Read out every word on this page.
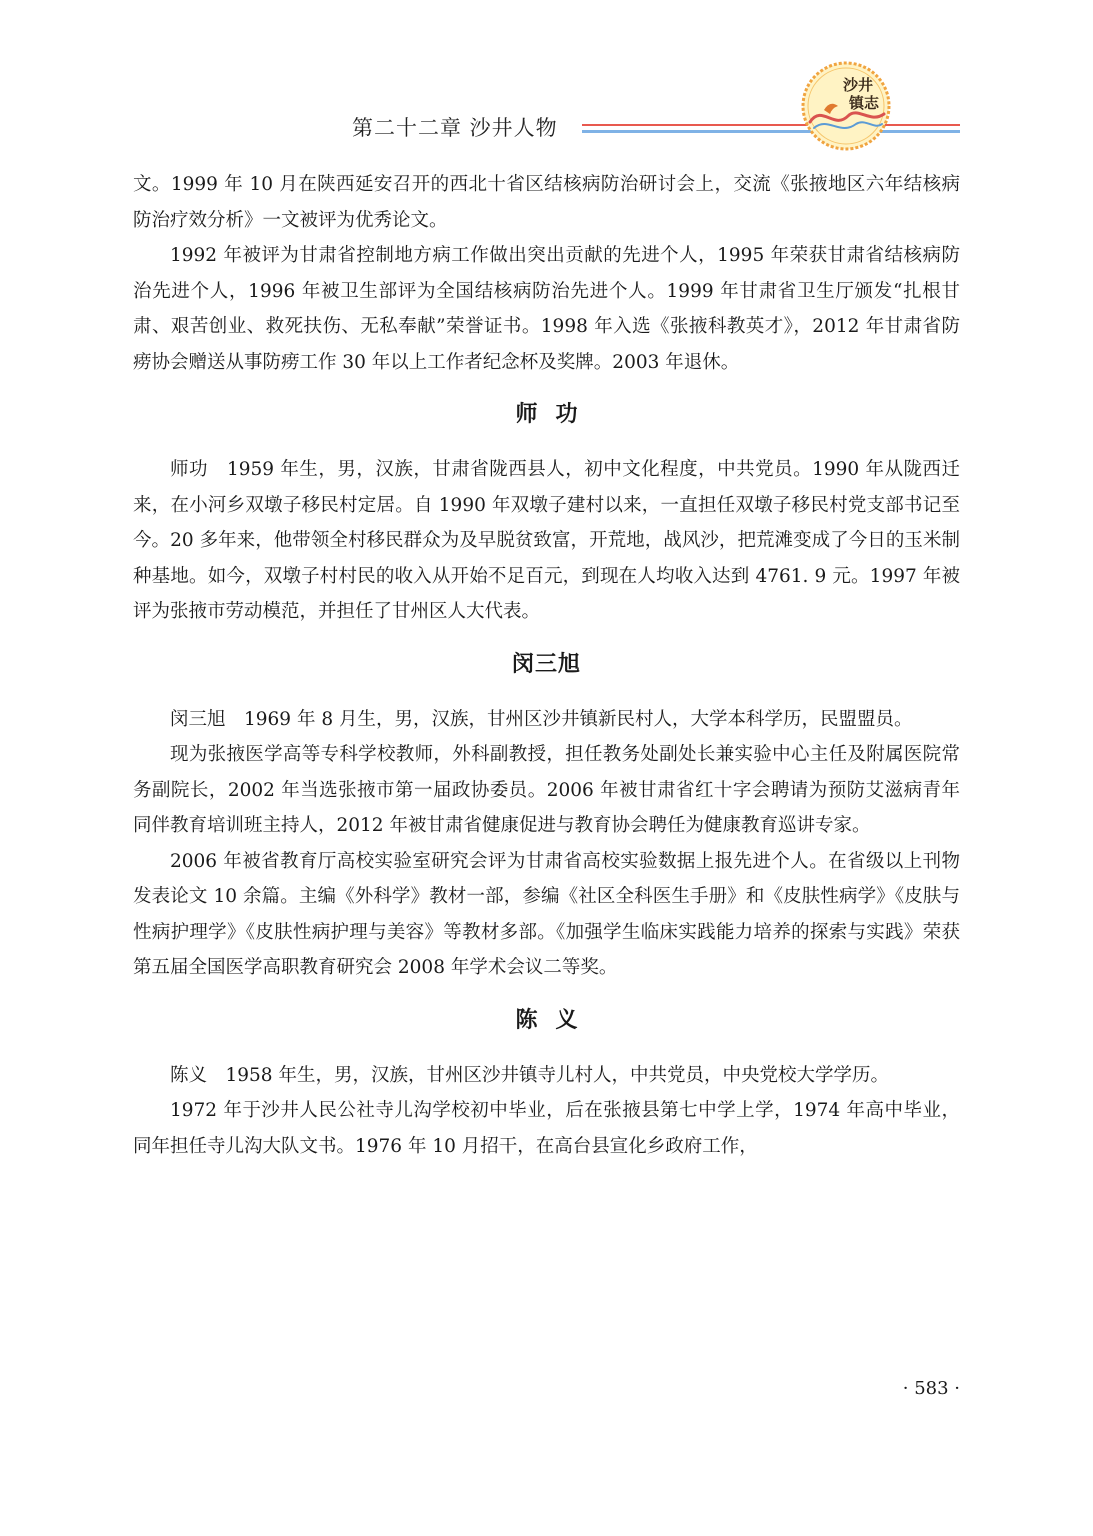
第二十二章 沙井人物
沙井
镇志

文。1999 年 10 月在陕西延安召开的西北十省区结核病防治研讨会上，交流《张掖地区六年结核病防治疗效分析》一文被评为优秀论文。

1992 年被评为甘肃省控制地方病工作做出突出贡献的先进个人，1995 年荣获甘肃省结核病防治先进个人，1996 年被卫生部评为全国结核病防治先进个人。1999 年甘肃省卫生厅颁发“扎根甘肃、艰苦创业、救死扶伤、无私奉献”荣誉证书。1998 年入选《张掖科教英才》，2012 年甘肃省防痨协会赠送从事防痨工作 30 年以上工作者纪念杯及奖牌。2003 年退休。

师功

师功　1959 年生，男，汉族，甘肃省陇西县人，初中文化程度，中共党员。1990 年从陇西迁来，在小河乡双墩子移民村定居。自 1990 年双墩子建村以来，一直担任双墩子移民村党支部书记至今。20 多年来，他带领全村移民群众为及早脱贫致富，开荒地，战风沙，把荒滩变成了今日的玉米制种基地。如今，双墩子村村民的收入从开始不足百元，到现在人均收入达到 4761. 9 元。1997 年被评为张掖市劳动模范，并担任了甘州区人大代表。

闵三旭

闵三旭　1969 年 8 月生，男，汉族，甘州区沙井镇新民村人，大学本科学历，民盟盟员。

现为张掖医学高等专科学校教师，外科副教授，担任教务处副处长兼实验中心主任及附属医院常务副院长，2002 年当选张掖市第一届政协委员。2006 年被甘肃省红十字会聘请为预防艾滋病青年同伴教育培训班主持人，2012 年被甘肃省健康促进与教育协会聘任为健康教育巡讲专家。

2006 年被省教育厅高校实验室研究会评为甘肃省高校实验数据上报先进个人。在省级以上刊物发表论文 10 余篇。主编《外科学》教材一部，参编《社区全科医生手册》和《皮肤性病学》《皮肤与性病护理学》《皮肤性病护理与美容》等教材多部。《加强学生临床实践能力培养的探索与实践》荣获第五届全国医学高职教育研究会 2008 年学术会议二等奖。

陈义

陈义　1958 年生，男，汉族，甘州区沙井镇寺儿村人，中共党员，中央党校大学学历。

1972 年于沙井人民公社寺儿沟学校初中毕业，后在张掖县第七中学上学，1974 年高中毕业，同年担任寺儿沟大队文书。1976 年 10 月招干，在高台县宣化乡政府工作，

· 583 ·
